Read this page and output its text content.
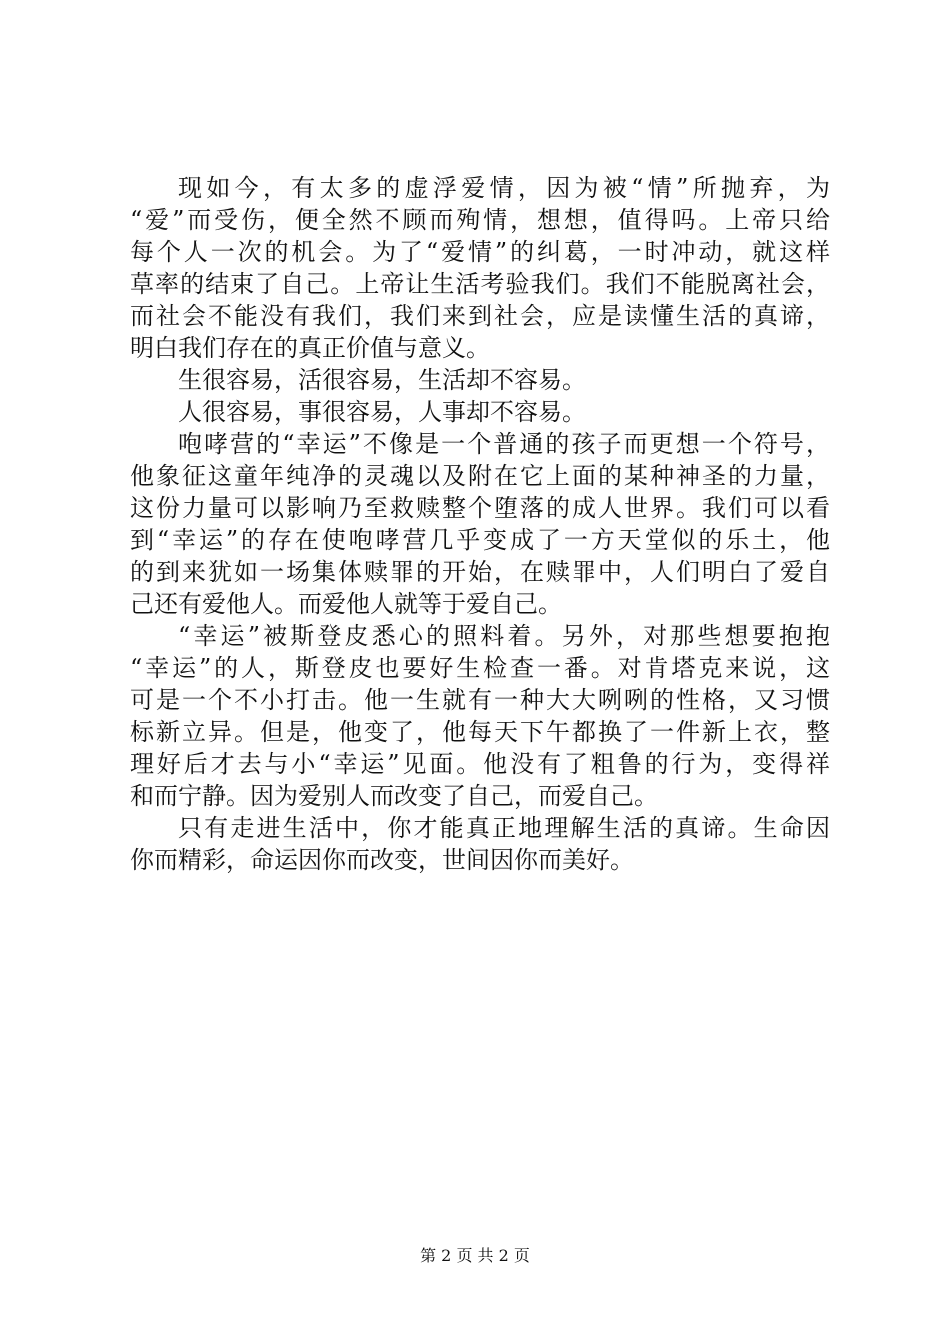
现如今，有太多的虚浮爱情，因为被“情”所抛弃，为
“爱”而受伤，便全然不顾而殉情，想想，值得吗。上帝只给
每个人一次的机会。为了“爱情”的纠葛，一时冲动，就这样
草率的结束了自己。上帝让生活考验我们。我们不能脱离社会，
而社会不能没有我们，我们来到社会，应是读懂生活的真谛，
明白我们存在的真正价值与意义。
生很容易，活很容易，生活却不容易。
人很容易，事很容易，人事却不容易。
咆哮营的“幸运”不像是一个普通的孩子而更想一个符号，
他象征这童年纯净的灵魂以及附在它上面的某种神圣的力量，
这份力量可以影响乃至救赎整个堕落的成人世界。我们可以看
到“幸运”的存在使咆哮营几乎变成了一方天堂似的乐土，他
的到来犹如一场集体赎罪的开始，在赎罪中，人们明白了爱自
己还有爱他人。而爱他人就等于爱自己。
“幸运”被斯登皮悉心的照料着。另外，对那些想要抱抱
“幸运”的人，斯登皮也要好生检查一番。对肯塔克来说，这
可是一个不小打击。他一生就有一种大大咧咧的性格，又习惯
标新立异。但是，他变了，他每天下午都换了一件新上衣，整
理好后才去与小“幸运”见面。他没有了粗鲁的行为，变得祥
和而宁静。因为爱别人而改变了自己，而爱自己。
只有走进生活中，你才能真正地理解生活的真谛。生命因
你而精彩，命运因你而改变，世间因你而美好。
第 2 页 共 2 页
